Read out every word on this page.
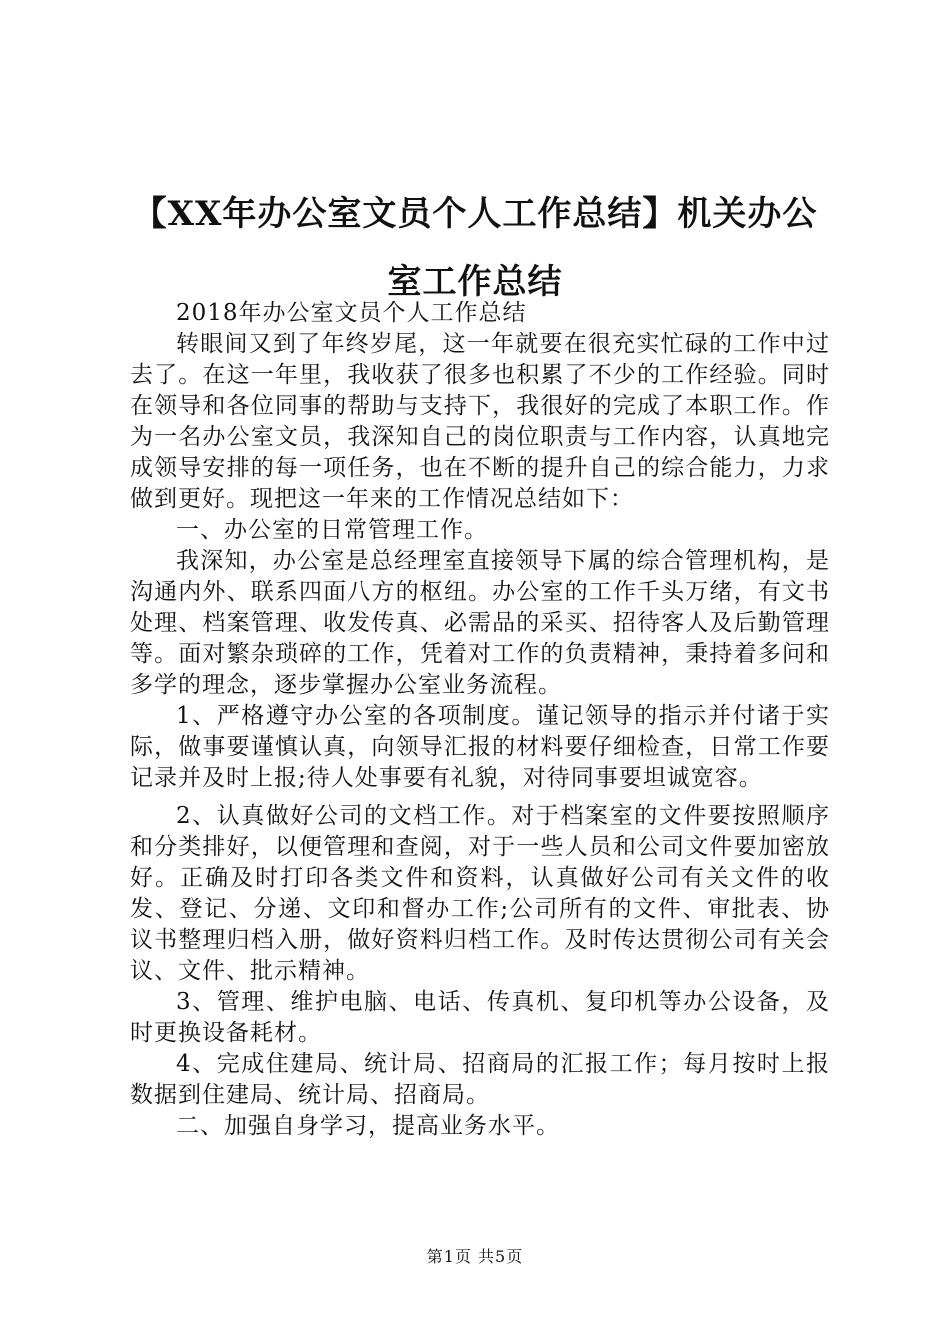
【XX年办公室文员个人工作总结】机关办公室工作总结

2018年办公室文员个人工作总结

转眼间又到了年终岁尾，这一年就要在很充实忙碌的工作中过去了。在这一年里，我收获了很多也积累了不少的工作经验。同时在领导和各位同事的帮助与支持下，我很好的完成了本职工作。作为一名办公室文员，我深知自己的岗位职责与工作内容，认真地完成领导安排的每一项任务，也在不断的提升自己的综合能力，力求做到更好。现把这一年来的工作情况总结如下：

一、办公室的日常管理工作。

我深知，办公室是总经理室直接领导下属的综合管理机构，是沟通内外、联系四面八方的枢纽。办公室的工作千头万绪，有文书处理、档案管理、收发传真、必需品的采买、招待客人及后勤管理等。面对繁杂琐碎的工作，凭着对工作的负责精神，秉持着多问和多学的理念，逐步掌握办公室业务流程。

1、严格遵守办公室的各项制度。谨记领导的指示并付诸于实际，做事要谨慎认真，向领导汇报的材料要仔细检查，日常工作要记录并及时上报;待人处事要有礼貌，对待同事要坦诚宽容。

2、认真做好公司的文档工作。对于档案室的文件要按照顺序和分类排好，以便管理和查阅，对于一些人员和公司文件要加密放好。正确及时打印各类文件和资料，认真做好公司有关文件的收发、登记、分递、文印和督办工作;公司所有的文件、审批表、协议书整理归档入册，做好资料归档工作。及时传达贯彻公司有关会议、文件、批示精神。

3、管理、维护电脑、电话、传真机、复印机等办公设备，及时更换设备耗材。

4、完成住建局、统计局、招商局的汇报工作；每月按时上报数据到住建局、统计局、招商局。

二、加强自身学习，提高业务水平。

第1页 共5页
